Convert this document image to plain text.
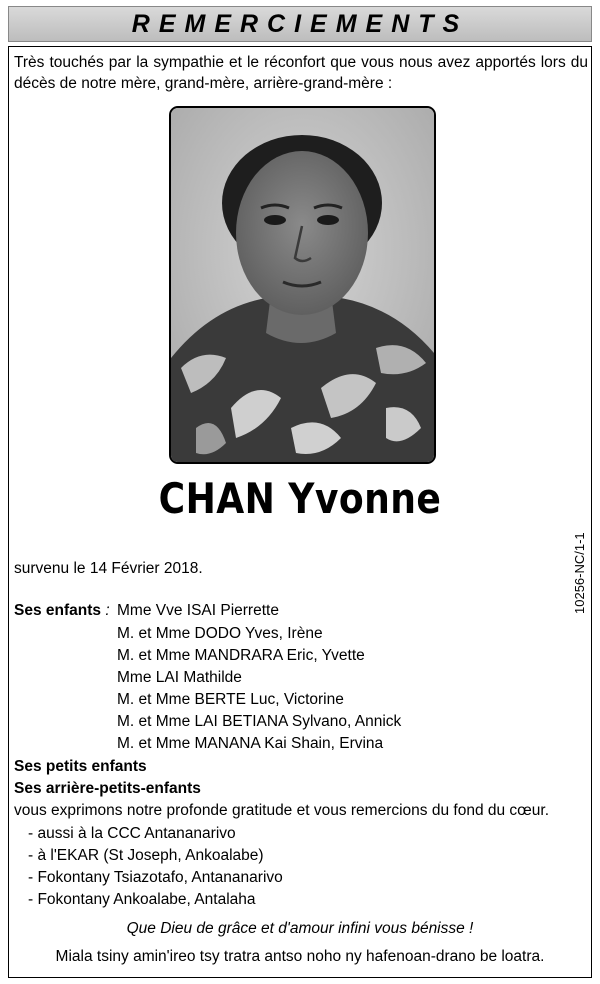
REMERCIEMENTS
Très touchés par la sympathie et le réconfort que vous nous avez apportés lors du décès de notre mère, grand-mère, arrière-grand-mère :
CHAN Yvonne
survenu le 14 Février 2018.
Ses enfants : Mme Vve ISAI Pierrette
M. et Mme DODO Yves, Irène
M. et Mme MANDRARA Eric, Yvette
Mme LAI Mathilde
M. et Mme BERTE Luc, Victorine
M. et Mme LAI BETIANA Sylvano, Annick
M. et Mme MANANA Kai Shain, Ervina
Ses petits enfants
Ses arrière-petits-enfants
vous exprimons notre profonde gratitude et vous remercions du fond du cœur.
- aussi à la CCC Antananarivo
- à l'EKAR (St Joseph, Ankoalabe)
- Fokontany Tsiazotafo, Antananarivo
- Fokontany Ankoalabe, Antalaha
Que Dieu de grâce et d'amour infini vous bénisse !
Miala tsiny amin'ireo tsy tratra antso noho ny hafenoan-drano be loatra.
10256-NC/1-1
